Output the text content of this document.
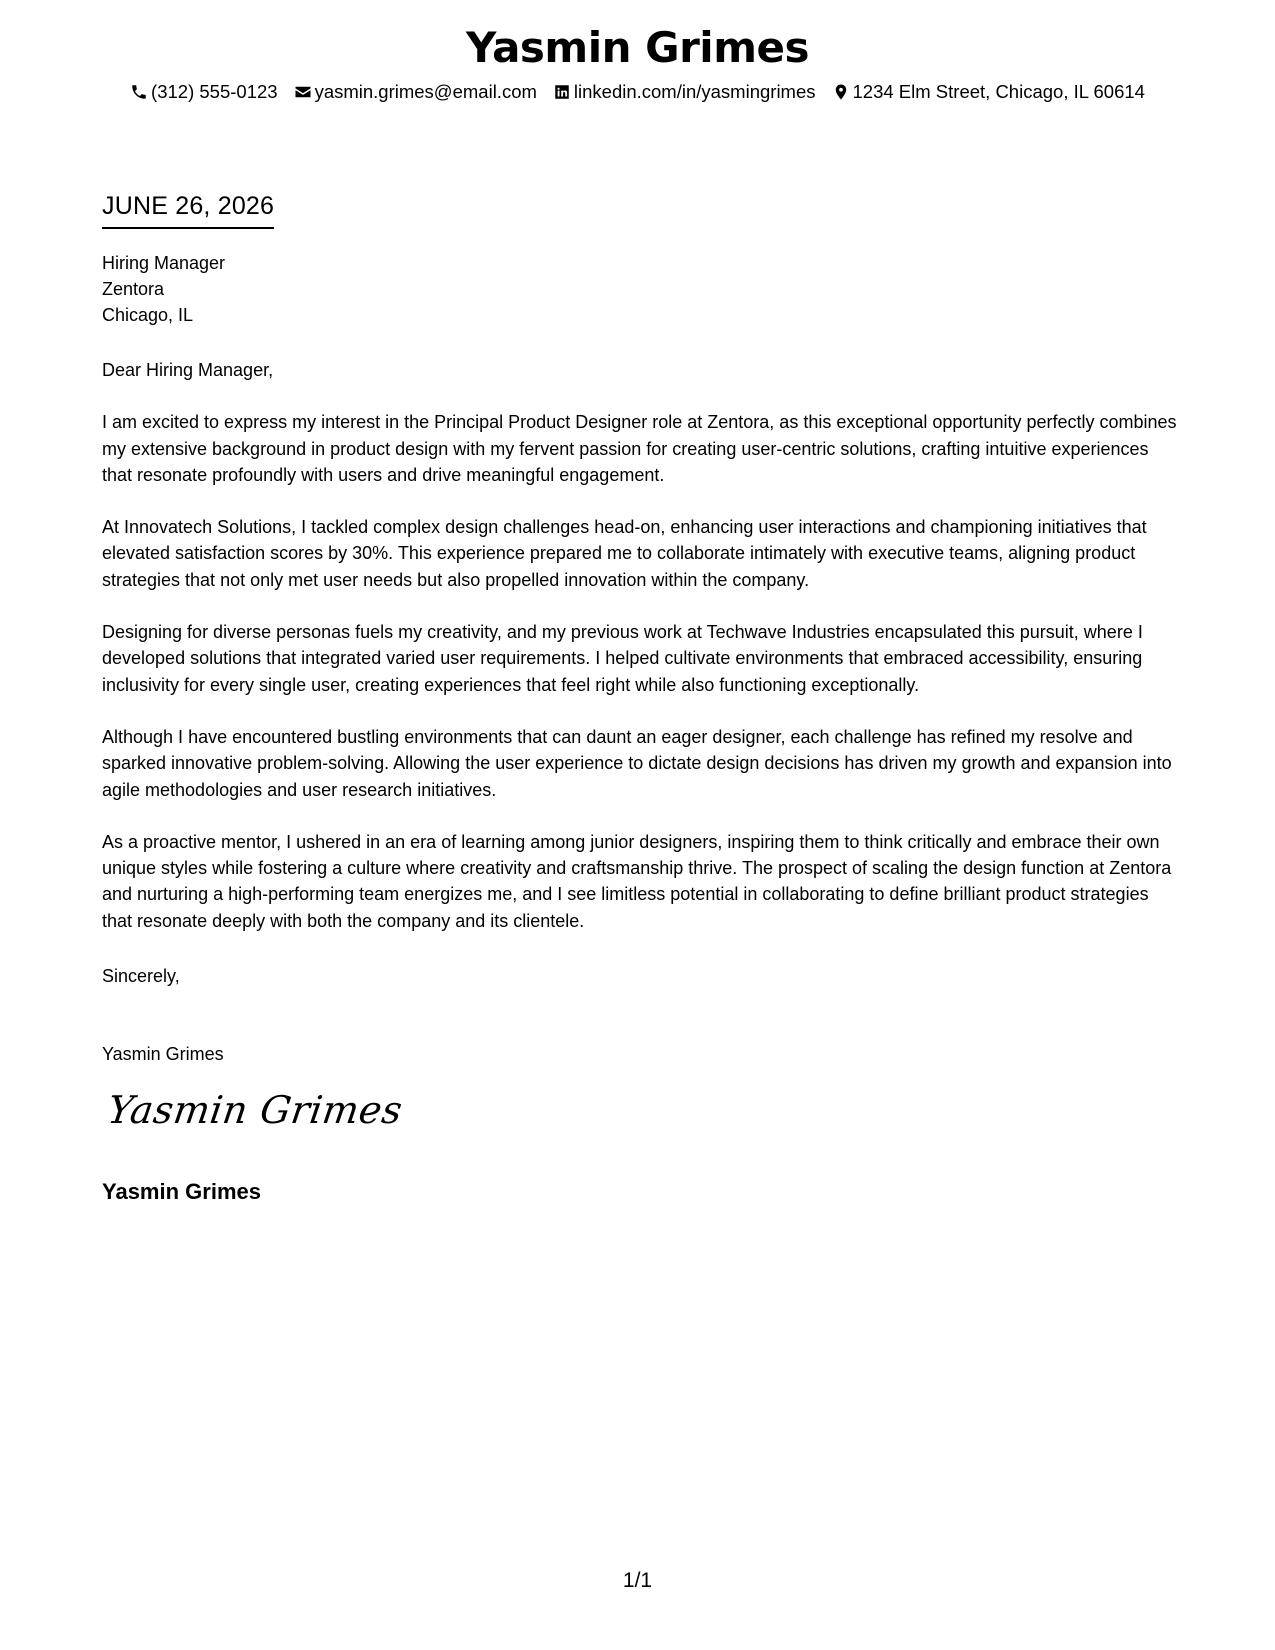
Yasmin Grimes
(312) 555-0123 yasmin.grimes@email.com linkedin.com/in/yasmingrimes 1234 Elm Street, Chicago, IL 60614
JUNE 26, 2026
Hiring Manager
Zentora
Chicago, IL
Dear Hiring Manager,

I am excited to express my interest in the Principal Product Designer role at Zentora, as this exceptional opportunity perfectly combines my extensive background in product design with my fervent passion for creating user-centric solutions, crafting intuitive experiences that resonate profoundly with users and drive meaningful engagement.

At Innovatech Solutions, I tackled complex design challenges head-on, enhancing user interactions and championing initiatives that elevated satisfaction scores by 30%. This experience prepared me to collaborate intimately with executive teams, aligning product strategies that not only met user needs but also propelled innovation within the company.

Designing for diverse personas fuels my creativity, and my previous work at Techwave Industries encapsulated this pursuit, where I developed solutions that integrated varied user requirements. I helped cultivate environments that embraced accessibility, ensuring inclusivity for every single user, creating experiences that feel right while also functioning exceptionally.

Although I have encountered bustling environments that can daunt an eager designer, each challenge has refined my resolve and sparked innovative problem-solving. Allowing the user experience to dictate design decisions has driven my growth and expansion into agile methodologies and user research initiatives.

As a proactive mentor, I ushered in an era of learning among junior designers, inspiring them to think critically and embrace their own unique styles while fostering a culture where creativity and craftsmanship thrive. The prospect of scaling the design function at Zentora and nurturing a high-performing team energizes me, and I see limitless potential in collaborating to define brilliant product strategies that resonate deeply with both the company and its clientele.

Sincerely,
Yasmin Grimes
Yasmin Grimes
Yasmin Grimes
1/1
